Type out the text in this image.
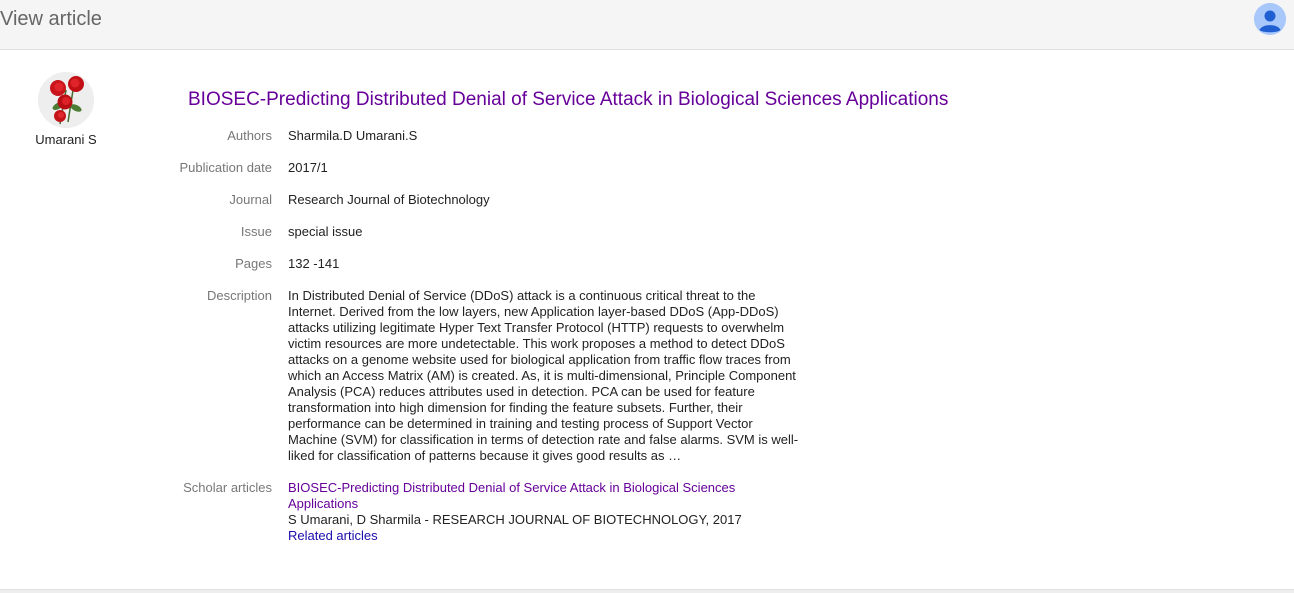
View article
Umarani S
BIOSEC-Predicting Distributed Denial of Service Attack in Biological Sciences Applications
Authors	Sharmila.D Umarani.S
Publication date	2017/1
Journal	Research Journal of Biotechnology
Issue	special issue
Pages	132 -141
Description	In Distributed Denial of Service (DDoS) attack is a continuous critical threat to the Internet. Derived from the low layers, new Application layer-based DDoS (App-DDoS) attacks utilizing legitimate Hyper Text Transfer Protocol (HTTP) requests to overwhelm victim resources are more undetectable. This work proposes a method to detect DDoS attacks on a genome website used for biological application from traffic flow traces from which an Access Matrix (AM) is created. As, it is multi-dimensional, Principle Component Analysis (PCA) reduces attributes used in detection. PCA can be used for feature transformation into high dimension for finding the feature subsets. Further, their performance can be determined in training and testing process of Support Vector Machine (SVM) for classification in terms of detection rate and false alarms. SVM is well-liked for classification of patterns because it gives good results as …
Scholar articles	BIOSEC-Predicting Distributed Denial of Service Attack in Biological Sciences Applications
S Umarani, D Sharmila - RESEARCH JOURNAL OF BIOTECHNOLOGY, 2017
Related articles
